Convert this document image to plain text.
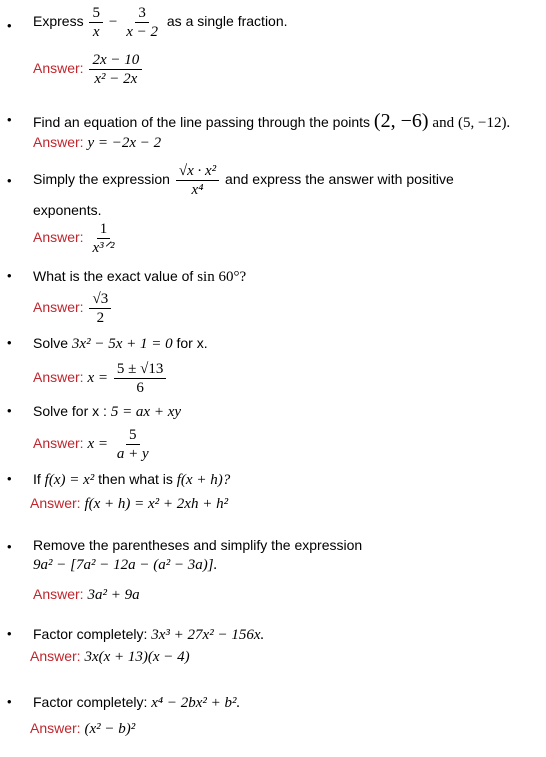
• Express $\frac{5}{x} - \frac{3}{x - 2}$ as a single fraction.
Answer: $\frac{2x - 10}{\text{x² − 2x}}$
• Find an equation of the line passing through the points (2, −6) and (5, −12).
Answer: y = −2x − 2
• Simply the expression $\frac{\text{√x · x²}}{\text{x⁴}}$ and express the answer with positive
exponents.
Answer: $\frac{1}{\text{x³ᐟ²}}$
• What is the exact value of sin 60°?
Answer: $\frac{√3}{2}$
• Solve 3x² − 5x + 1 = 0 for x.
Answer: $x = \frac{5 \pm √13}{6}$
• Solve for x : 5 = ax + xy
Answer: $x = \frac{5}{a + y}$
• If f(x) = x² then what is f(x + h)?
Answer: f(x + h) = x² + 2xh + h²
• Remove the parentheses and simplify the expression
9a² − [7a² − 12a − (a² − 3a)].
Answer: 3a² + 9a
• Factor completely: 3x³ + 27x² − 156x.
Answer: 3x(x + 13)(x − 4)
• Factor completely: x⁴ − 2bx² + b².
Answer: (x² − b)²
